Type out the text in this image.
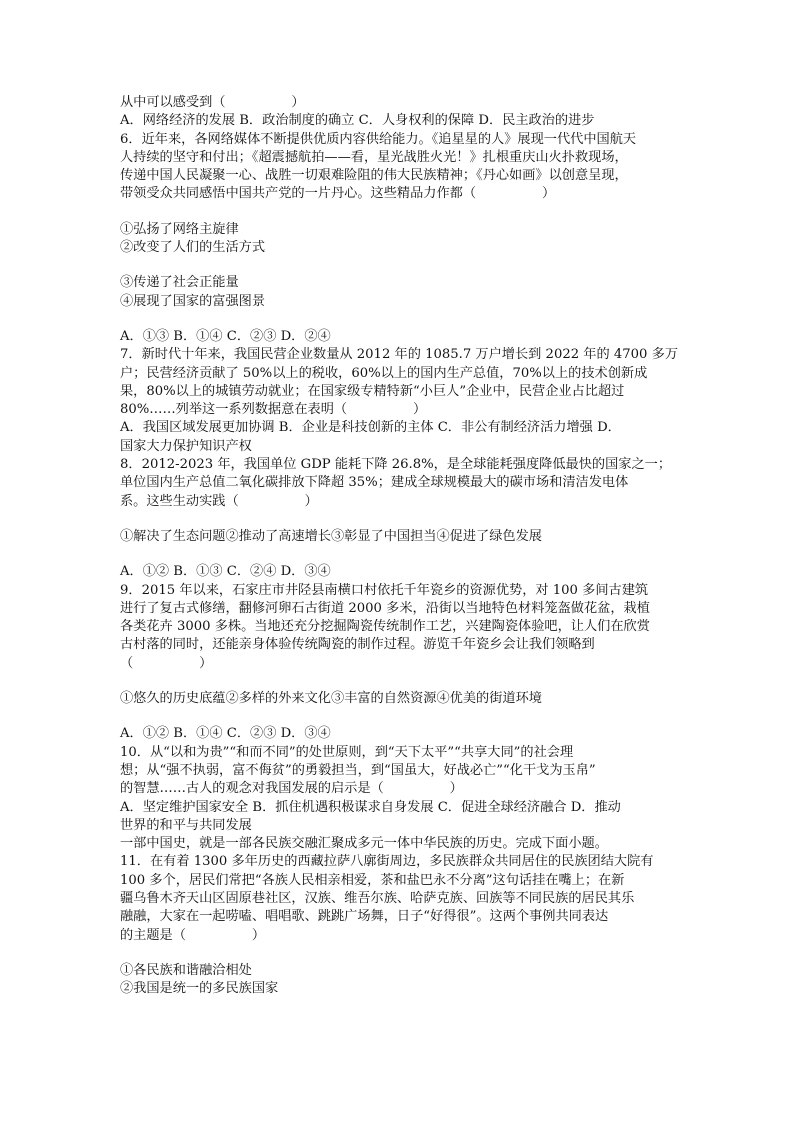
从中可以感受到（　　　　　）
A．网络经济的发展 B．政治制度的确立 C．人身权利的保障 D．民主政治的进步
6．近年来，各网络媒体不断提供优质内容供给能力。《追星星的人》展现一代代中国航天
人持续的坚守和付出；《超震撼航拍——看，星光战胜火光！》扎根重庆山火扑救现场，
传递中国人民凝聚一心、战胜一切艰难险阻的伟大民族精神；《丹心如画》以创意呈现，
带领受众共同感悟中国共产党的一片丹心。这些精品力作都（　　　　　）
①弘扬了网络主旋律
②改变了人们的生活方式
③传递了社会正能量
④展现了国家的富强图景
A．①③ B．①④ C．②③ D．②④
7．新时代十年来，我国民营企业数量从 2012 年的 1085.7 万户增长到 2022 年的 4700 多万
户；民营经济贡献了 50%以上的税收，60%以上的国内生产总值，70%以上的技术创新成
果，80%以上的城镇劳动就业；在国家级专精特新“小巨人”企业中，民营企业占比超过
80%……列举这一系列数据意在表明（　　　　　）
A．我国区域发展更加协调 B．企业是科技创新的主体 C．非公有制经济活力增强 D．
国家大力保护知识产权
8．2012-2023 年，我国单位 GDP 能耗下降 26.8%，是全球能耗强度降低最快的国家之一；
单位国内生产总值二氧化碳排放下降超 35%；建成全球规模最大的碳市场和清洁发电体
系。这些生动实践（　　　　　）
①解决了生态问题②推动了高速增长③彰显了中国担当④促进了绿色发展
A．①② B．①③ C．②④ D．③④
9．2015 年以来，石家庄市井陉县南横口村依托千年瓷乡的资源优势，对 100 多间古建筑
进行了复古式修缮，翻修河卵石古街道 2000 多米，沿街以当地特色材料笼盔做花盆，栽植
各类花卉 3000 多株。当地还充分挖掘陶瓷传统制作工艺，兴建陶瓷体验吧，让人们在欣赏
古村落的同时，还能亲身体验传统陶瓷的制作过程。游览千年瓷乡会让我们领略到
（　　　　　）
①悠久的历史底蕴②多样的外来文化③丰富的自然资源④优美的街道环境
A．①② B．①④ C．②③ D．③④
10．从“以和为贵”“和而不同”的处世原则，到“天下太平”“共享大同”的社会理
想；从“强不执弱，富不侮贫”的勇毅担当，到“国虽大，好战必亡”“化干戈为玉帛”
的智慧……古人的观念对我国发展的启示是（　　　　　）
A．坚定维护国家安全 B．抓住机遇积极谋求自身发展 C．促进全球经济融合 D．推动
世界的和平与共同发展
一部中国史，就是一部各民族交融汇聚成多元一体中华民族的历史。完成下面小题。
11．在有着 1300 多年历史的西藏拉萨八廓街周边，多民族群众共同居住的民族团结大院有
100 多个，居民们常把“各族人民相亲相爱，茶和盐巴永不分离”这句话挂在嘴上；在新
疆乌鲁木齐天山区固原巷社区，汉族、维吾尔族、哈萨克族、回族等不同民族的居民其乐
融融，大家在一起唠嗑、唱唱歌、跳跳广场舞，日子“好得很”。这两个事例共同表达
的主题是（　　　　　）
①各民族和谐融洽相处
②我国是统一的多民族国家
